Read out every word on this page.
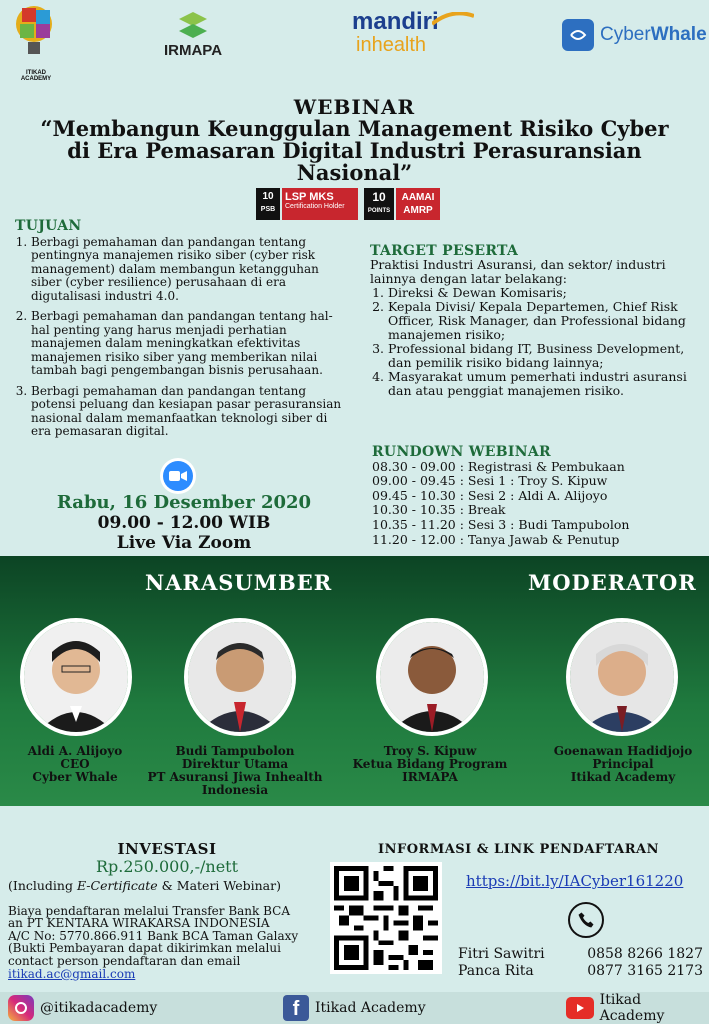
ITIKAD ACADEMY
IRMAPA
mandiri
inhealth	Cyber Whale
WEBINAR
“Membangun Keunggulan Management Risiko Cyber di Era Pemasaran Digital Industri Perasuransian Nasional”
10
PSB
LSP MKS
Certification Holder
10
POINTS
AAMAI
AMRP
TUJUAN
1. Berbagi pemahaman dan pandangan tentang pentingnya manajemen risiko siber (cyber risk management) dalam membangun ketangguhan siber (cyber resilience) perusahaan di era digutalisasi industri 4.0.
2. Berbagi pemahaman dan pandangan tentang hal-hal penting yang harus menjadi perhatian manajemen dalam meningkatkan efektivitas manajemen risiko siber yang memberikan nilai tambah bagi pengembangan bisnis perusahaan.
3. Berbagi pemahaman dan pandangan tentang potensi peluang dan kesiapan pasar perasuransian nasional dalam memanfaatkan teknologi siber di era pemasaran digital.
Rabu, 16 Desember 2020
09.00 - 12.00 WIB
Live Via Zoom
TARGET PESERTA
Praktisi Industri Asuransi, dan sektor/ industri lainnya dengan latar belakang:
1. Direksi & Dewan Komisaris;
2. Kepala Divisi/ Kepala Departemen, Chief Risk Officer, Risk Manager, dan Professional bidang manajemen risiko;
3. Professional bidang IT, Business Development, dan pemilik risiko bidang lainnya;
4. Masyarakat umum pemerhati industri asuransi dan atau penggiat manajemen risiko.
RUNDOWN WEBINAR
08.30 - 09.00 : Registrasi & Pembukaan
09.00 - 09.45 : Sesi 1 : Troy S. Kipuw
09.45 - 10.30 : Sesi 2 : Aldi A. Alijoyo
10.30 - 10.35 : Break
10.35 - 11.20 : Sesi 3 : Budi Tampubolon
11.20 - 12.00 : Tanya Jawab & Penutup
NARASUMBER	MODERATOR
Aldi A. Alijoyo
CEO
Cyber Whale
Budi Tampubolon
Direktur Utama
PT Asuransi Jiwa Inhealth Indonesia
Troy S. Kipuw
Ketua Bidang Program
IRMAPA
Goenawan Hadidjojo
Principal
Itikad Academy
INVESTASI
Rp.250.000,-/nett
(Including E-Certificate & Materi Webinar)
Biaya pendaftaran melalui Transfer Bank BCA
an PT KENTARA WIRAKARSA INDONESIA
A/C No: 5770.866.911 Bank BCA Taman Galaxy
(Bukti Pembayaran dapat dikirimkan melalui
contact person pendaftaran dan email
itikad.ac@gmail.com
INFORMASI & LINK PENDAFTARAN
https://bit.ly/IACyber161220
Fitri Sawitri	0858 8266 1827
Panca Rita	0877 3165 2173
@itikadacademy	f	Itikad Academy	Itikad Academy
